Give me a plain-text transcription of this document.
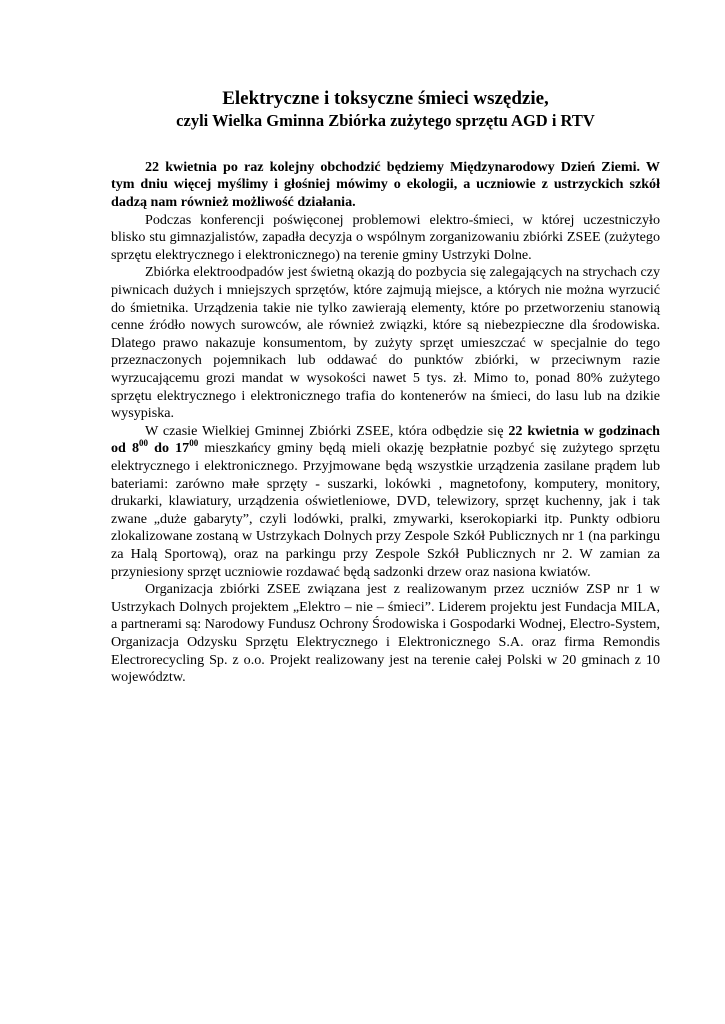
Elektryczne i toksyczne śmieci wszędzie,
czyli Wielka Gminna Zbiórka zużytego sprzętu AGD i RTV

22 kwietnia po raz kolejny obchodzić będziemy Międzynarodowy Dzień Ziemi. W tym dniu więcej myślimy i głośniej mówimy o ekologii, a uczniowie z ustrzyckich szkół dadzą nam również możliwość działania.

Podczas konferencji poświęconej problemowi elektro-śmieci, w której uczestniczyło blisko stu gimnazjalistów, zapadła decyzja o wspólnym zorganizowaniu zbiórki ZSEE (zużytego sprzętu elektrycznego i elektronicznego) na terenie gminy Ustrzyki Dolne.

Zbiórka elektroodpadów jest świetną okazją do pozbycia się zalegających na strychach czy piwnicach dużych i mniejszych sprzętów, które zajmują miejsce, a których nie można wyrzucić do śmietnika. Urządzenia takie nie tylko zawierają elementy, które po przetworzeniu stanowią cenne źródło nowych surowców, ale również związki, które są niebezpieczne dla środowiska. Dlatego prawo nakazuje konsumentom, by zużyty sprzęt umieszczać w specjalnie do tego przeznaczonych pojemnikach lub oddawać do punktów zbiórki, w przeciwnym razie wyrzucającemu grozi mandat w wysokości nawet 5 tys. zł. Mimo to, ponad 80% zużytego sprzętu elektrycznego i elektronicznego trafia do kontenerów na śmieci, do lasu lub na dzikie wysypiska.

W czasie Wielkiej Gminnej Zbiórki ZSEE, która odbędzie się 22 kwietnia w godzinach od $8^{00}$ do $17^{00}$ mieszkańcy gminy będą mieli okazję bezpłatnie pozbyć się zużytego sprzętu elektrycznego i elektronicznego. Przyjmowane będą wszystkie urządzenia zasilane prądem lub bateriami: zarówno małe sprzęty - suszarki, lokówki , magnetofony, komputery, monitory, drukarki, klawiatury, urządzenia oświetleniowe, DVD, telewizory, sprzęt kuchenny, jak i tak zwane „duże gabaryty”, czyli lodówki, pralki, zmywarki, kserokopiarki itp. Punkty odbioru zlokalizowane zostaną w Ustrzykach Dolnych przy Zespole Szkół Publicznych nr 1 (na parkingu za Halą Sportową), oraz na parkingu przy Zespole Szkół Publicznych nr 2. W zamian za przyniesiony sprzęt uczniowie rozdawać będą sadzonki drzew oraz nasiona kwiatów.

Organizacja zbiórki ZSEE związana jest z realizowanym przez uczniów ZSP nr 1 w Ustrzykach Dolnych projektem „Elektro – nie – śmieci”. Liderem projektu jest Fundacja MILA, a partnerami są: Narodowy Fundusz Ochrony Środowiska i Gospodarki Wodnej, Electro-System, Organizacja Odzysku Sprzętu Elektrycznego i Elektronicznego S.A. oraz firma Remondis Electrorecycling Sp. z o.o. Projekt realizowany jest na terenie całej Polski w 20 gminach z 10 województw.
